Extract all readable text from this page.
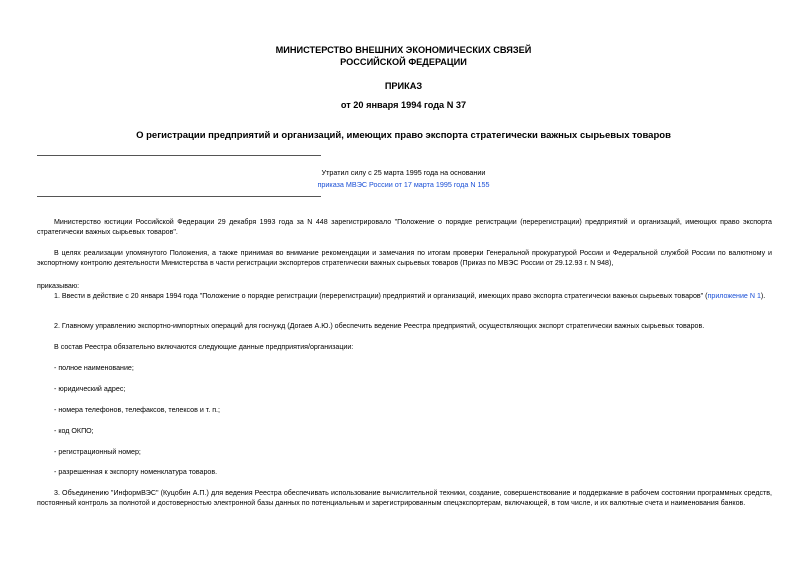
МИНИСТЕРСТВО ВНЕШНИХ ЭКОНОМИЧЕСКИХ СВЯЗЕЙ
РОССИЙСКОЙ ФЕДЕРАЦИИ
ПРИКАЗ
от 20 января 1994 года N 37
О регистрации предприятий и организаций, имеющих право экспорта стратегически важных сырьевых товаров
Утратил силу с 25 марта 1995 года на основании
приказа МВЭС России от 17 марта 1995 года N 155
Министерство юстиции Российской Федерации 29 декабря 1993 года за N 448 зарегистрировало "Положение о порядке регистрации (перерегистрации) предприятий и организаций, имеющих право экспорта стратегически важных сырьевых товаров".
В целях реализации упомянутого Положения, а также принимая во внимание рекомендации и замечания по итогам проверки Генеральной прокуратурой России и Федеральной службой России по валютному и экспортному контролю деятельности Министерства в части регистрации экспортеров стратегически важных сырьевых товаров (Приказ по МВЭС России от 29.12.93 г. N 948),
приказываю:
1. Ввести в действие с 20 января 1994 года "Положение о порядке регистрации (перерегистрации) предприятий и организаций, имеющих право экспорта стратегически важных сырьевых товаров" (приложение N 1).
2. Главному управлению экспортно-импортных операций для госнужд (Догаев А.Ю.) обеспечить ведение Реестра предприятий, осуществляющих экспорт стратегически важных сырьевых товаров.
В состав Реестра обязательно включаются следующие данные предприятия/организации:
- полное наименование;
- юридический адрес;
- номера телефонов, телефаксов, телексов и т. п.;
- код ОКПО;
- регистрационный номер;
- разрешенная к экспорту номенклатура товаров.
3. Объединению "ИнформВЭС" (Куцобин А.П.) для ведения Реестра обеспечивать использование вычислительной техники, создание, совершенствование и поддержание в рабочем состоянии программных средств, постоянный контроль за полнотой и достоверностью электронной базы данных по потенциальным и зарегистрированным спецэкспортерам, включающей, в том числе, и их валютные счета и наименования банков.
